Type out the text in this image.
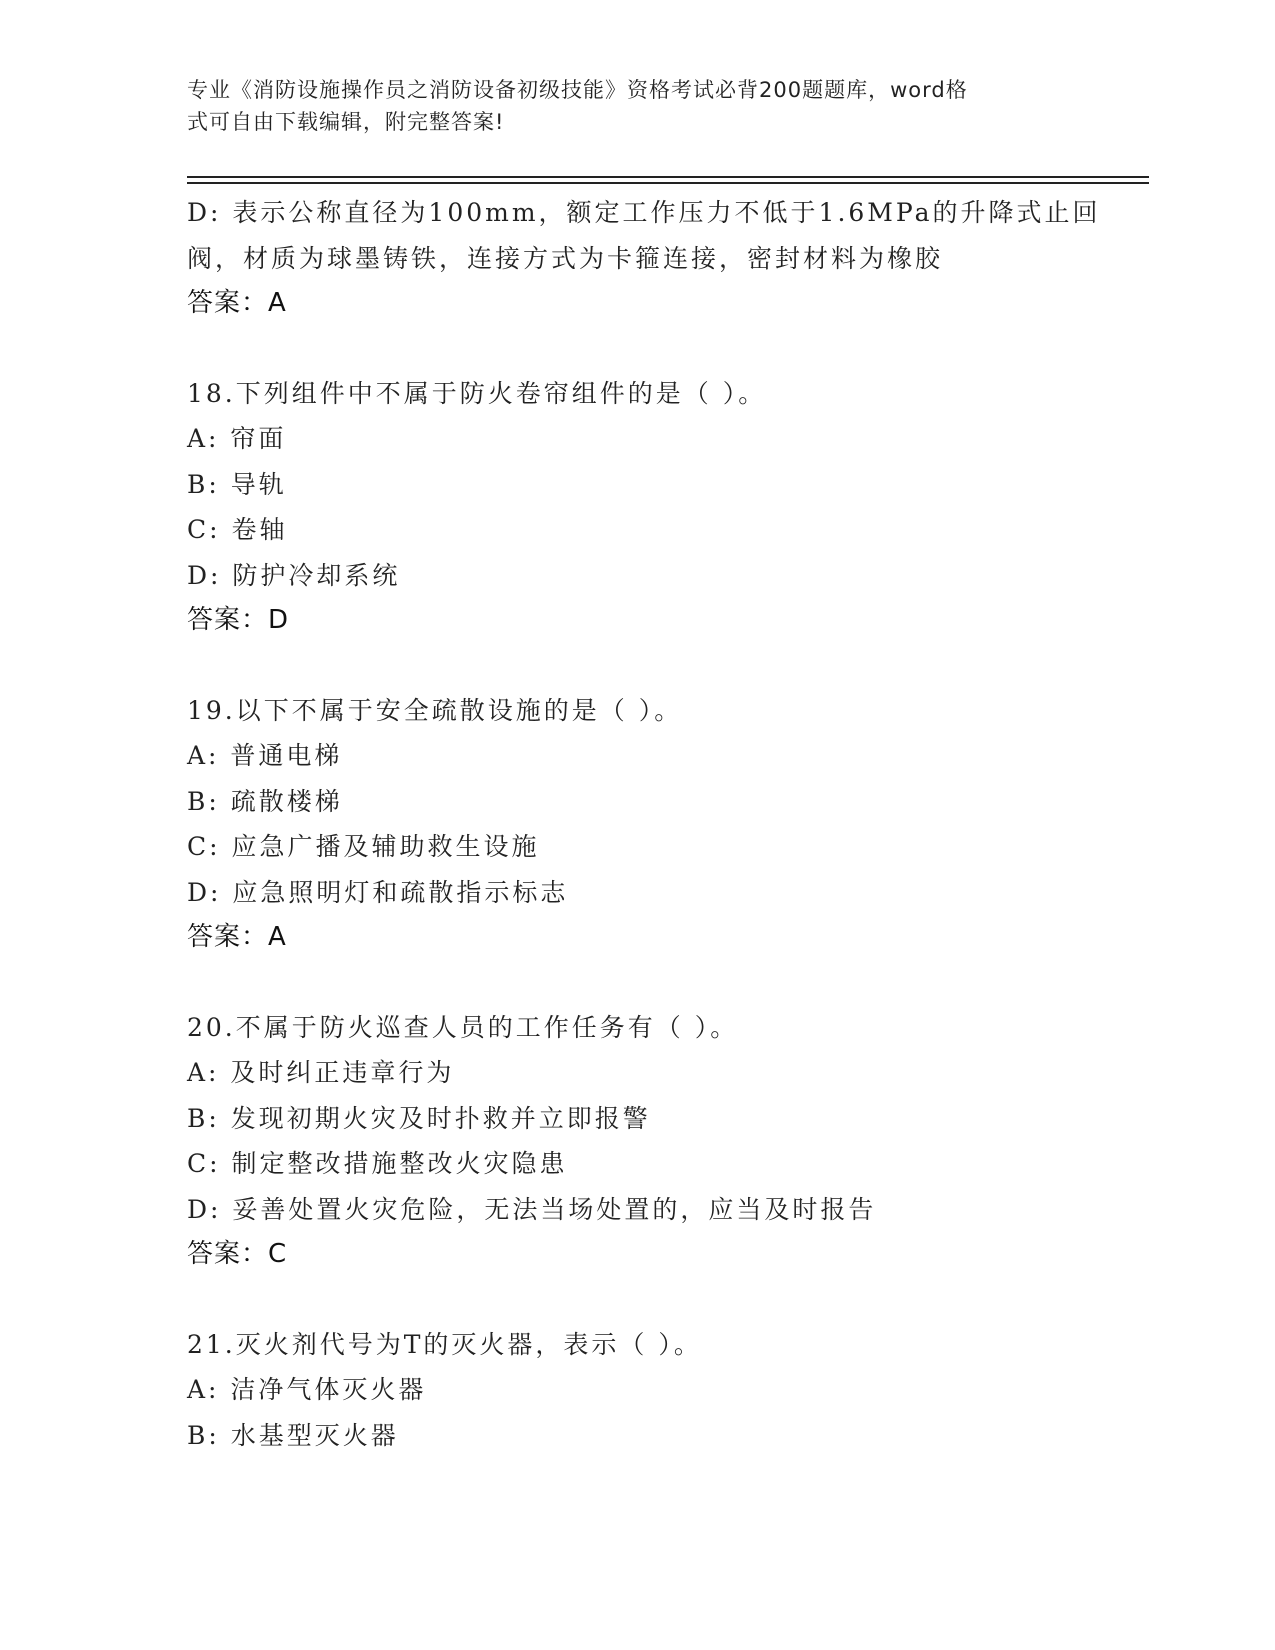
专业《消防设施操作员之消防设备初级技能》资格考试必背200题题库，word格
式可自由下载编辑，附完整答案!
D: 表示公称直径为100mm，额定工作压力不低于1.6MPa的升降式止回
阀，材质为球墨铸铁，连接方式为卡箍连接，密封材料为橡胶
答案：A
18.下列组件中不属于防火卷帘组件的是（ ）。
A: 帘面
B: 导轨
C: 卷轴
D: 防护冷却系统
答案：D
19.以下不属于安全疏散设施的是（ ）。
A: 普通电梯
B: 疏散楼梯
C: 应急广播及辅助救生设施
D: 应急照明灯和疏散指示标志
答案：A
20.不属于防火巡查人员的工作任务有（ ）。
A: 及时纠正违章行为
B: 发现初期火灾及时扑救并立即报警
C: 制定整改措施整改火灾隐患
D: 妥善处置火灾危险，无法当场处置的，应当及时报告
答案：C
21.灭火剂代号为T的灭火器，表示（ ）。
A: 洁净气体灭火器
B: 水基型灭火器
